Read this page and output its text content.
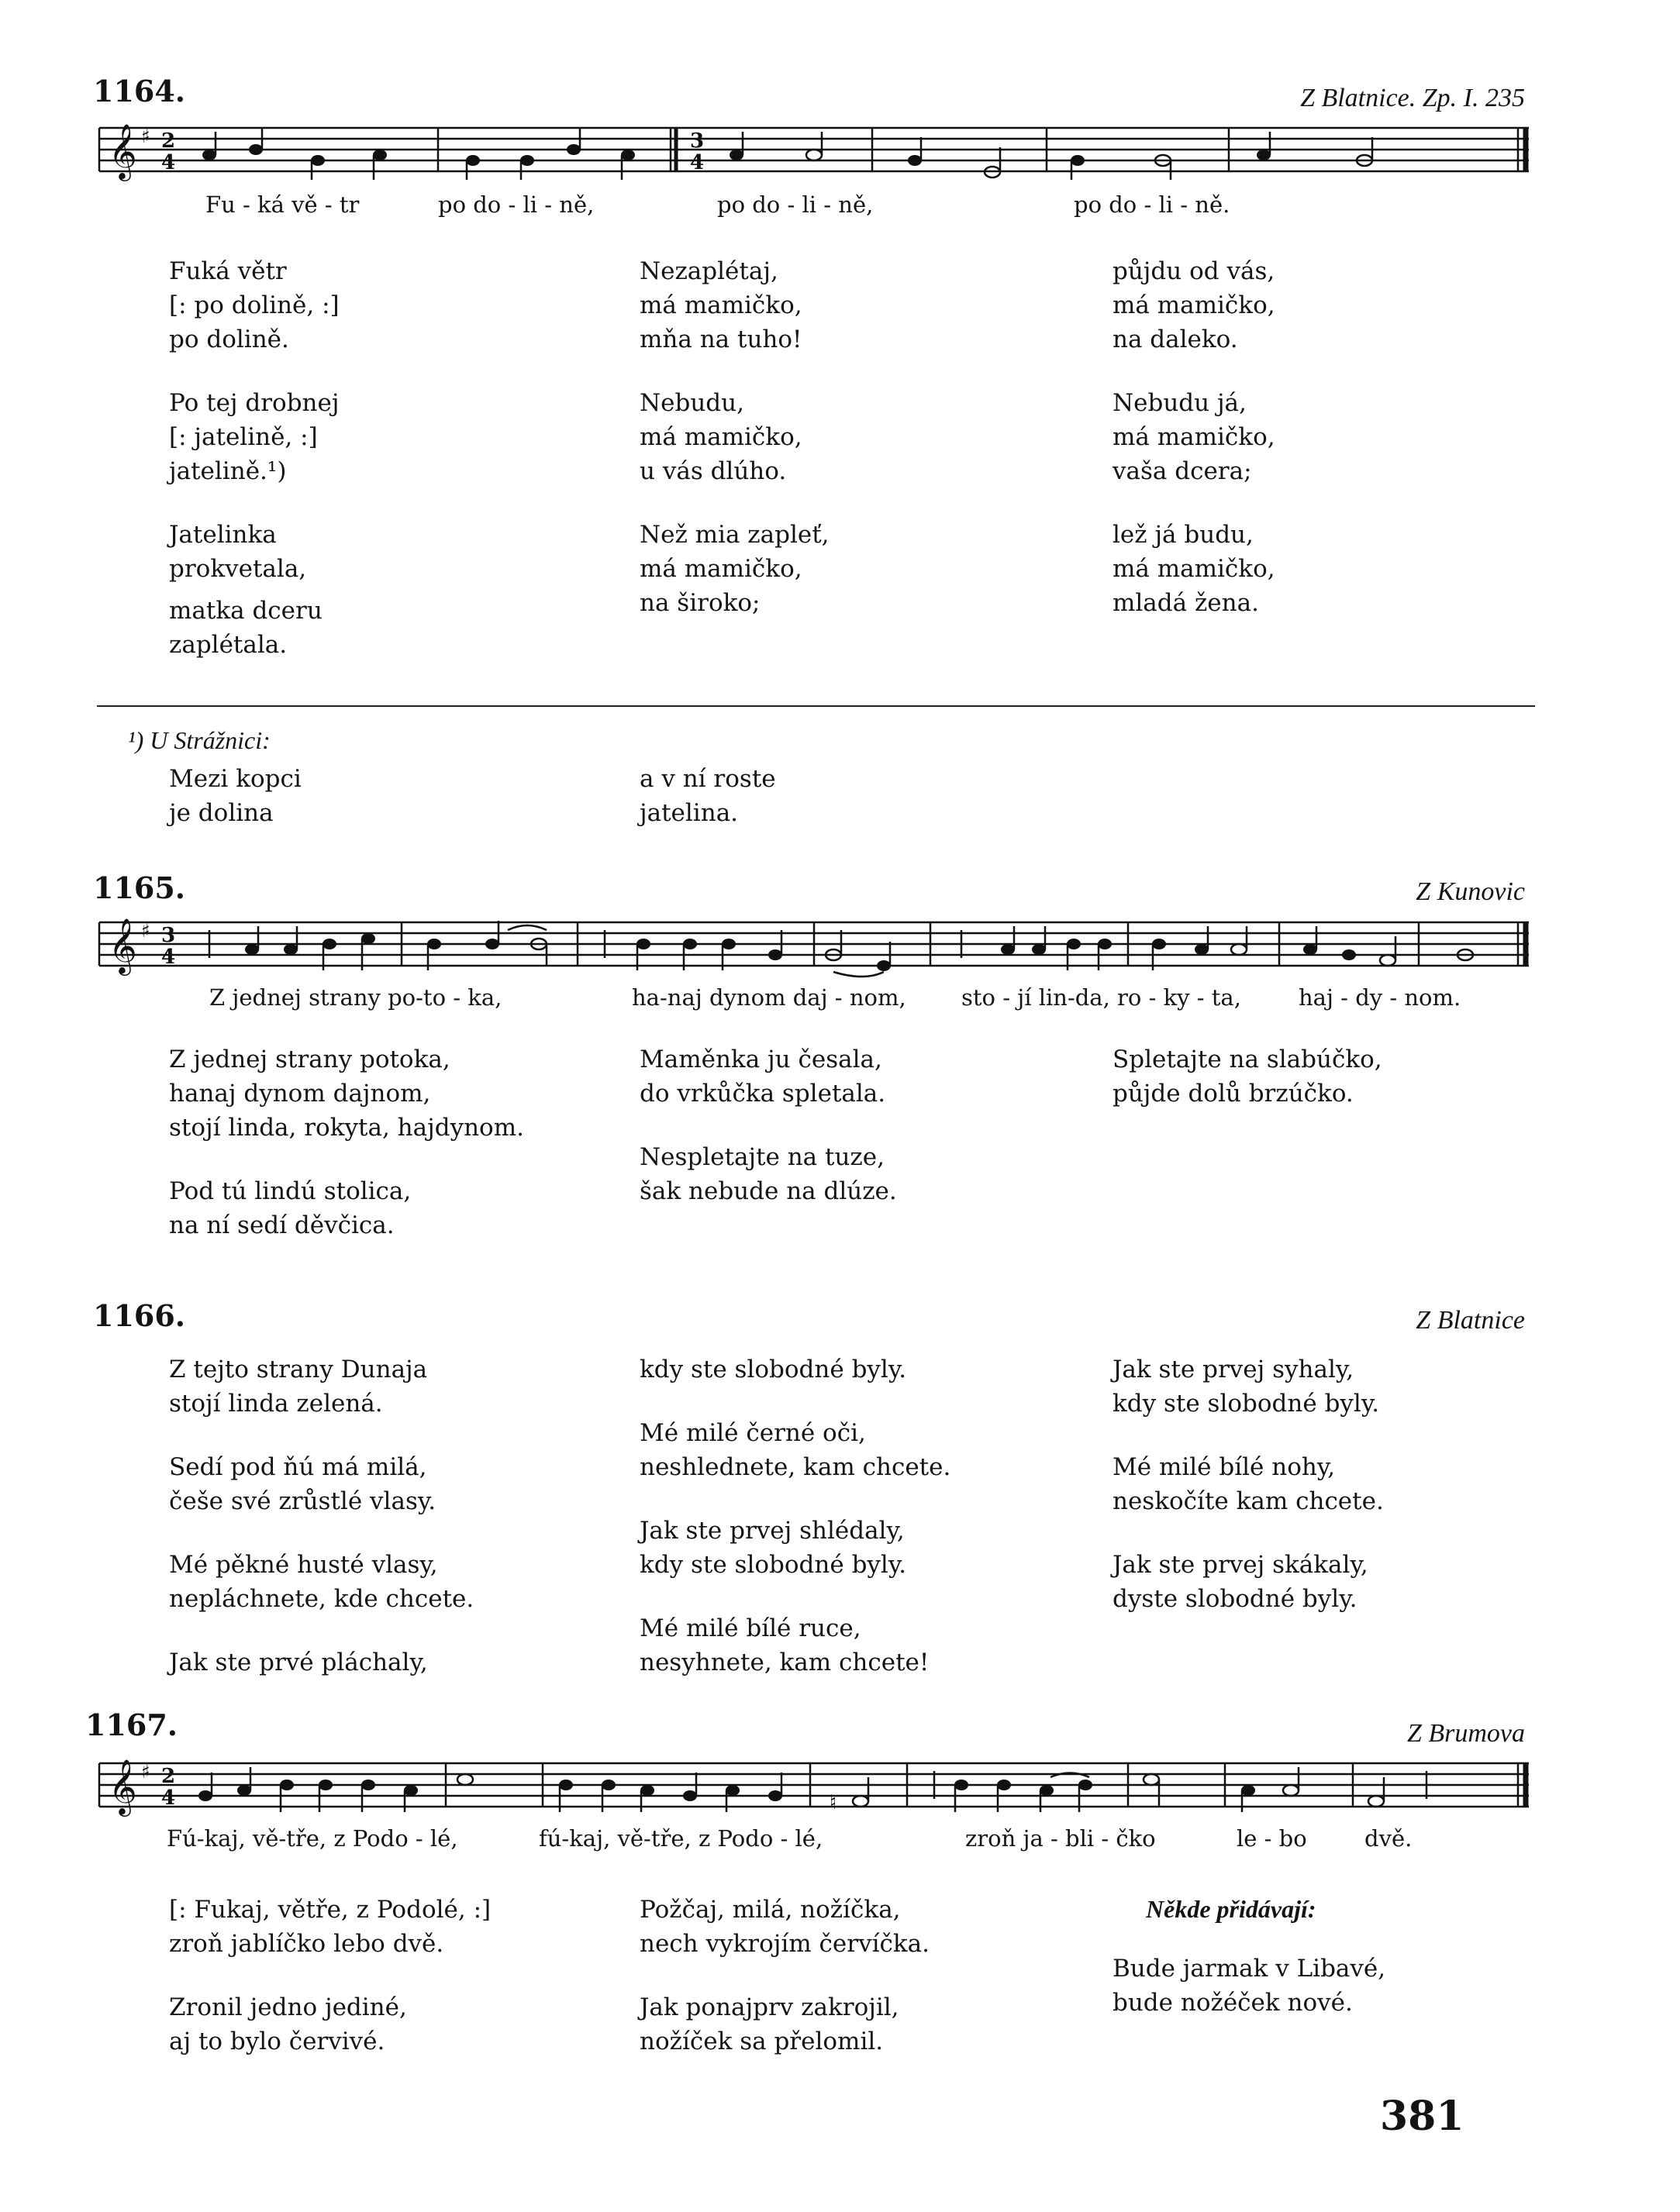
1164.	Z Blatnice. Zp. I. 235
𝄞 ♯ 2
4
3
4
Fu - ká vě - tr	po do - li - ně,	po do - li - ně,	po do - li - ně.
Fuká větr
[: po dolině, :]
po dolině.
Po tej drobnej
[: jatelině, :]
jatelině.¹)
Jatelinka
prokvetala,
matka dceru
zaplétala.
Nezaplétaj,
má mamičko,
mňa na tuho!
Nebudu,
má mamičko,
u vás dlúho.
Než mia zapleť,
má mamičko,
na široko;
půjdu od vás,
má mamičko,
na daleko.
Nebudu já,
má mamičko,
vaša dcera;
lež já budu,
má mamičko,
mladá žena.
¹) U Strážnici:
Mezi kopci
je dolina
a v ní roste
jatelina.
1165.	Z Kunovic
𝄞 ♯ 3
4
Z jednej strany po-to - ka,	ha-naj dynom daj - nom, sto - jí lin-da, ro - ky - ta,	haj - dy - nom.
Z jednej strany potoka,
hanaj dynom dajnom,
stojí linda, rokyta, hajdynom.
Pod tú lindú stolica,
na ní sedí děvčica.
Maměnka ju česala,
do vrkůčka spletala.
Nespletajte na tuze,
šak nebude na dlúze.
Spletajte na slabúčko,
půjde dolů brzúčko.
1166.	Z Blatnice
Z tejto strany Dunaja
stojí linda zelená.
Sedí pod ňú má milá,
češe své zrůstlé vlasy.
Mé pěkné husté vlasy,
nepláchnete, kde chcete.
Jak ste prvé pláchaly,
kdy ste slobodné byly.
Mé milé černé oči,
neshlednete, kam chcete.
Jak ste prvej shlédaly,
kdy ste slobodné byly.
Mé milé bílé ruce,
nesyhnete, kam chcete!
Jak ste prvej syhaly,
kdy ste slobodné byly.
Mé milé bílé nohy,
neskočíte kam chcete.
Jak ste prvej skákaly,
dyste slobodné byly.
1167.	Z Brumova
𝄞 ♯ 2
4	♮
Fú-kaj, vě-tře, z Podo - lé,	fú-kaj, vě-tře, z Podo - lé,	zroň ja - bli - čko	le - bo	dvě.
[: Fukaj, větře, z Podolé, :]
zroň jablíčko lebo dvě.
Zronil jedno jediné,
aj to bylo červivé.
Požčaj, milá, nožíčka,
nech vykrojím červíčka.
Jak ponajprv zakrojil,
nožíček sa přelomil.
Někde přidávají:
Bude jarmak v Libavé,
bude nožéček nové.
381
